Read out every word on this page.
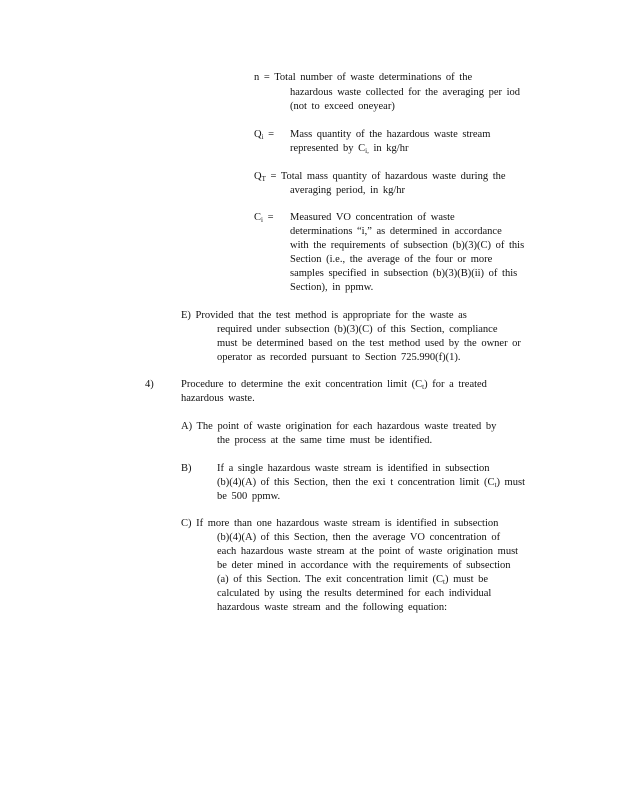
n = Total number of waste determinations of the
hazardous waste collected for the averaging per iod
(not to exceed oneyear)
$Q_i$ = Mass quantity of the hazardous waste stream
represented by $C_{i,}$ in kg/hr
$Q_T$ = Total mass quantity of hazardous waste during the
averaging period, in kg/hr
$C_i$ = Measured VO concentration of waste
determinations “i,” as determined in accordance
with the requirements of subsection (b)(3)(C) of this
Section (i.e., the average of the four or more
samples specified in subsection (b)(3)(B)(ii) of this
Section), in ppmw.
E) Provided that the test method is appropriate for the waste as
required under subsection (b)(3)(C) of this Section, compliance
must be determined based on the test method used by the owner or
operator as recorded pursuant to Section 725.990(f)(1).
4)	Procedure to determine the exit concentration limit $(C_t)$ for a treated
hazardous waste.
A) The point of waste origination for each hazardous waste treated by
the process at the same time must be identified.
B) If a single hazardous waste stream is identified in subsection
(b)(4)(A) of this Section, then the exi t concentration limit $(C_t)$ must
be 500 ppmw.
C) If more than one hazardous waste stream is identified in subsection
(b)(4)(A) of this Section, then the average VO concentration of
each hazardous waste stream at the point of waste origination must
be deter mined in accordance with the requirements of subsection
(a) of this Section. The exit concentration limit $(C_t)$ must be
calculated by using the results determined for each individual
hazardous waste stream and the following equation:
